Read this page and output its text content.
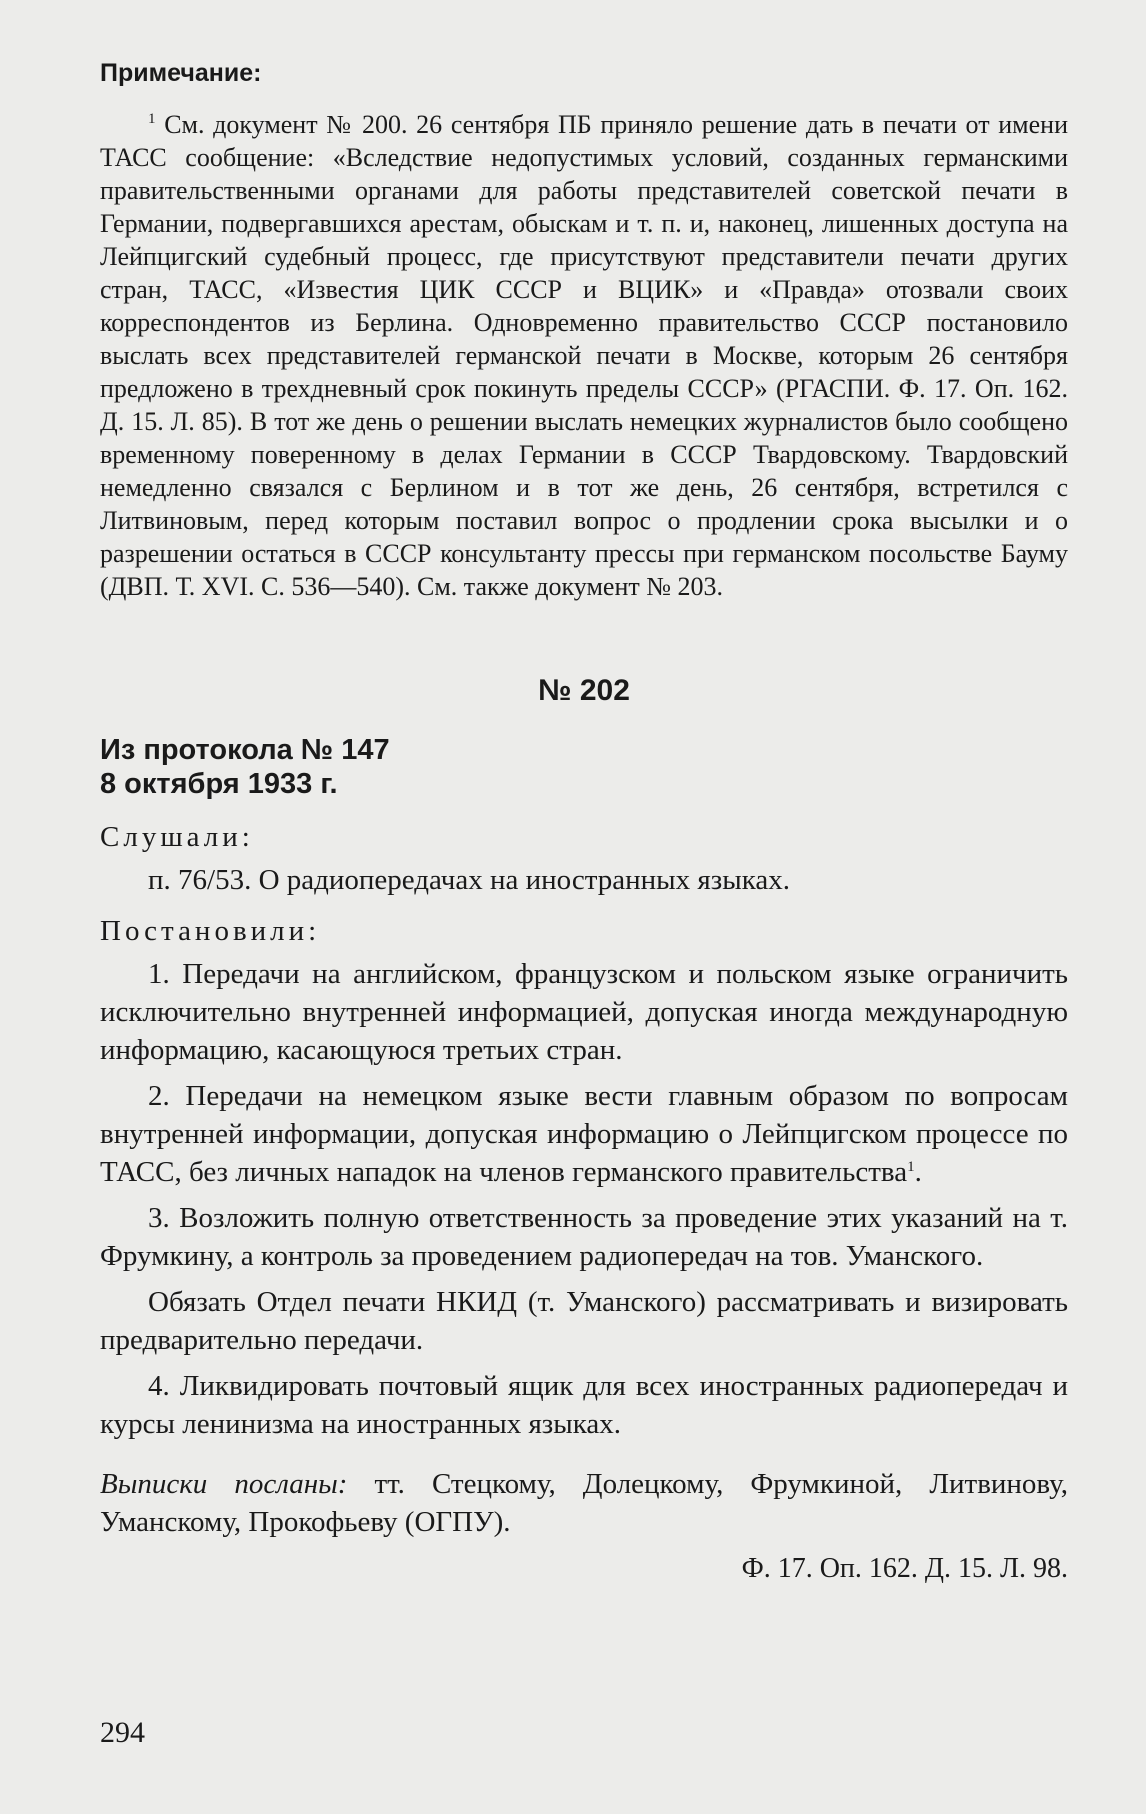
Примечание:

$^1$ См. документ № 200. 26 сентября ПБ приняло решение дать в печати от имени ТАСС сообщение: «Вследствие недопустимых условий, созданных германскими правительственными органами для работы представителей советской печати в Германии, подвергавшихся арестам, обыскам и т. п. и, наконец, лишенных доступа на Лейпцигский судебный процесс, где присутствуют представители печати других стран, ТАСС, «Известия ЦИК СССР и ВЦИК» и «Правда» отозвали своих корреспондентов из Берлина. Одновременно правительство СССР постановило выслать всех представителей германской печати в Москве, которым 26 сентября предложено в трехдневный срок покинуть пределы СССР» (РГАСПИ. Ф. 17. Оп. 162. Д. 15. Л. 85). В тот же день о решении выслать немецких журналистов было сообщено временному поверенному в делах Германии в СССР Твардовскому. Твардовский немедленно связался с Берлином и в тот же день, 26 сентября, встретился с Литвиновым, перед которым поставил вопрос о продлении срока высылки и о разрешении остаться в СССР консультанту прессы при германском посольстве Бауму (ДВП. Т. XVI. С. 536—540). См. также документ № 203.

№ 202
Из протокола № 147
8 октября 1933 г.
Слушали:

п. 76/53. О радиопередачах на иностранных языках.

Постановили:

1. Передачи на английском, французском и польском языке ограничить исключительно внутренней информацией, допуская иногда международную информацию, касающуюся третьих стран.

2. Передачи на немецком языке вести главным образом по вопросам внутренней информации, допуская информацию о Лейпцигском процессе по ТАСС, без личных нападок на членов германского правительства$^1$.

3. Возложить полную ответственность за проведение этих указаний на т. Фрумкину, а контроль за проведением радиопередач на тов. Уманского.

Обязать Отдел печати НКИД (т. Уманского) рассматривать и визировать предварительно передачи.

4. Ликвидировать почтовый ящик для всех иностранных радиопередач и курсы ленинизма на иностранных языках.

Выписки посланы: тт. Стецкому, Долецкому, Фрумкиной, Литвинову, Уманскому, Прокофьеву (ОГПУ).

Ф. 17. Оп. 162. Д. 15. Л. 98.

294
